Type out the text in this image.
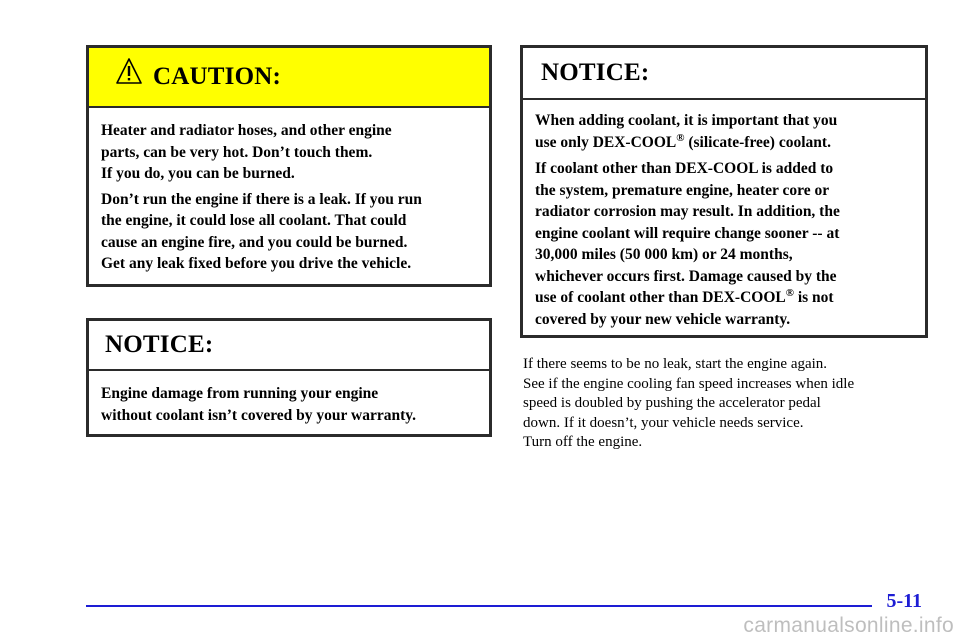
CAUTION:

Heater and radiator hoses, and other engine
parts, can be very hot. Don’t touch them.
If you do, you can be burned.

Don’t run the engine if there is a leak. If you run
the engine, it could lose all coolant. That could
cause an engine fire, and you could be burned.
Get any leak fixed before you drive the vehicle.

NOTICE:

Engine damage from running your engine
without coolant isn’t covered by your warranty.

NOTICE:

When adding coolant, it is important that you
use only DEX-COOL® (silicate-free) coolant.

If coolant other than DEX-COOL is added to
the system, premature engine, heater core or
radiator corrosion may result. In addition, the
engine coolant will require change sooner -- at
30,000 miles (50 000 km) or 24 months,
whichever occurs first. Damage caused by the
use of coolant other than DEX-COOL® is not
covered by your new vehicle warranty.

If there seems to be no leak, start the engine again.
See if the engine cooling fan speed increases when idle
speed is doubled by pushing the accelerator pedal
down. If it doesn’t, your vehicle needs service.
Turn off the engine.

5-11
carmanualsonline.info
